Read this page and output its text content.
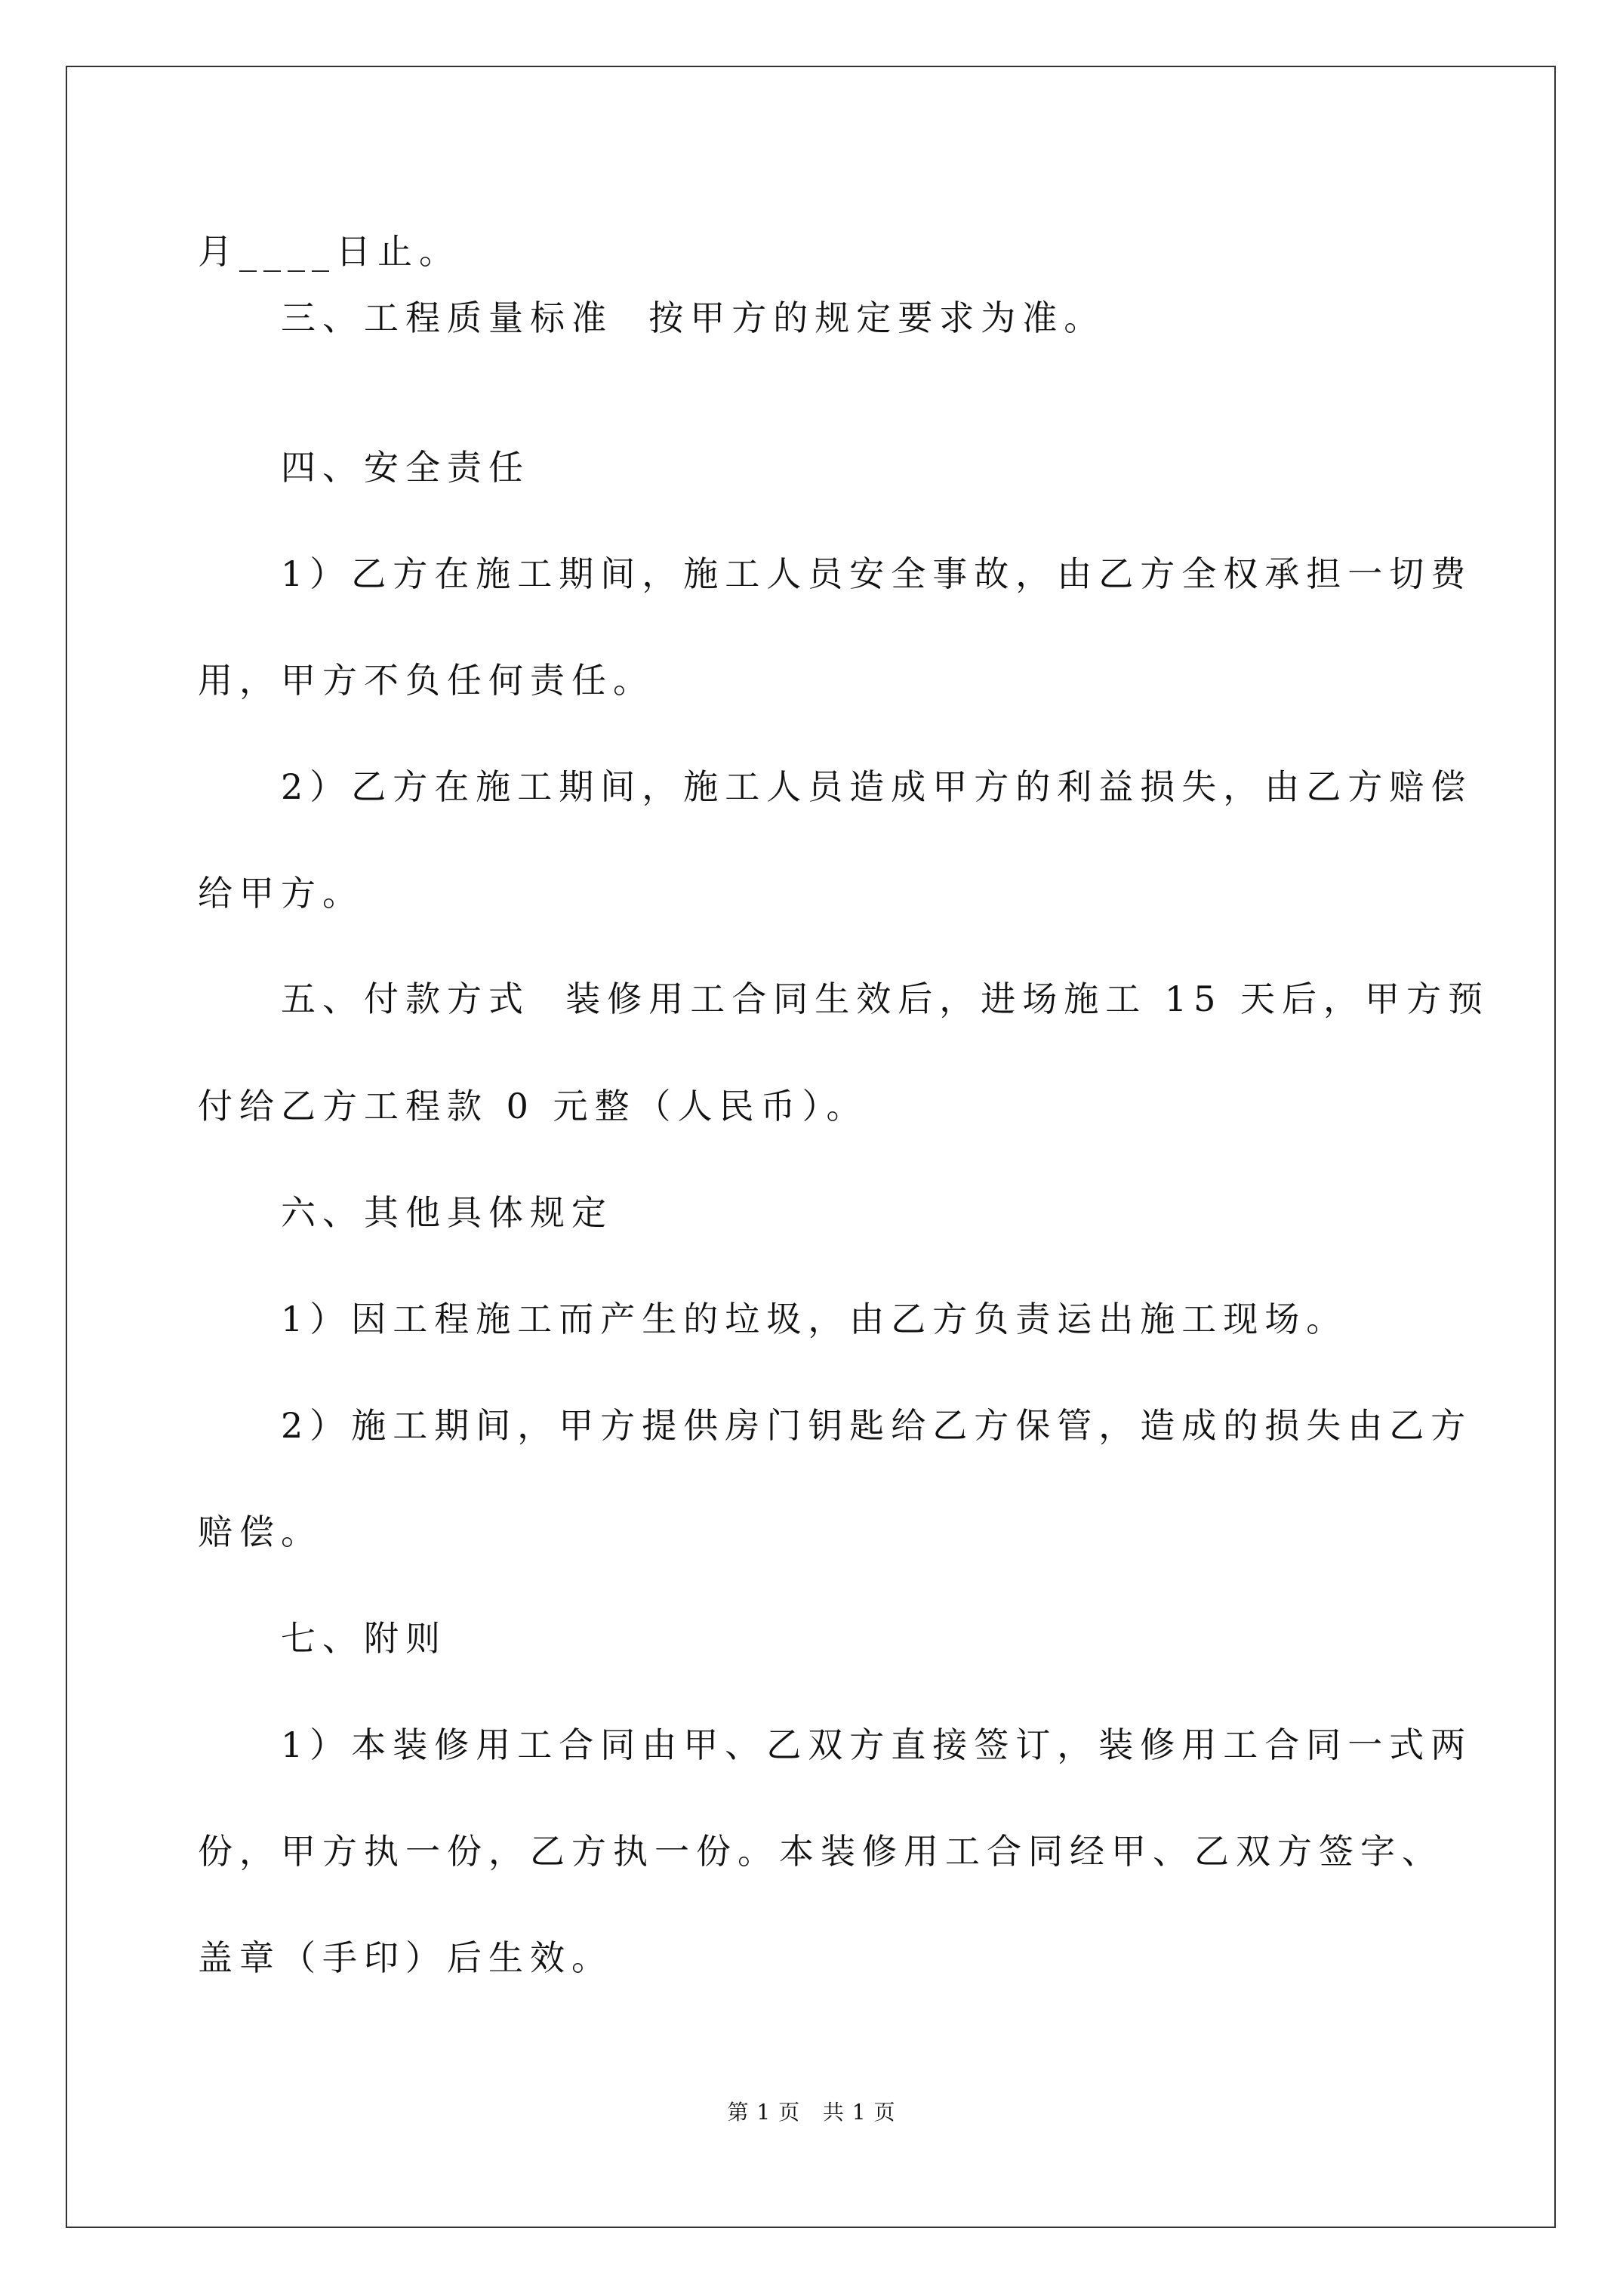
月____日止。
三、工程质量标准  按甲方的规定要求为准。
四、安全责任
1）乙方在施工期间，施工人员安全事故，由乙方全权承担一切费
用，甲方不负任何责任。
2）乙方在施工期间，施工人员造成甲方的利益损失，由乙方赔偿
给甲方。
五、付款方式  装修用工合同生效后，进场施工 15 天后，甲方预
付给乙方工程款 0 元整（人民币）。
六、其他具体规定
1）因工程施工而产生的垃圾，由乙方负责运出施工现场。
2）施工期间，甲方提供房门钥匙给乙方保管，造成的损失由乙方
赔偿。
七、附则
1）本装修用工合同由甲、乙双方直接签订，装修用工合同一式两
份，甲方执一份，乙方执一份。本装修用工合同经甲、乙双方签字、
盖章（手印）后生效。
第 1 页   共 1 页
